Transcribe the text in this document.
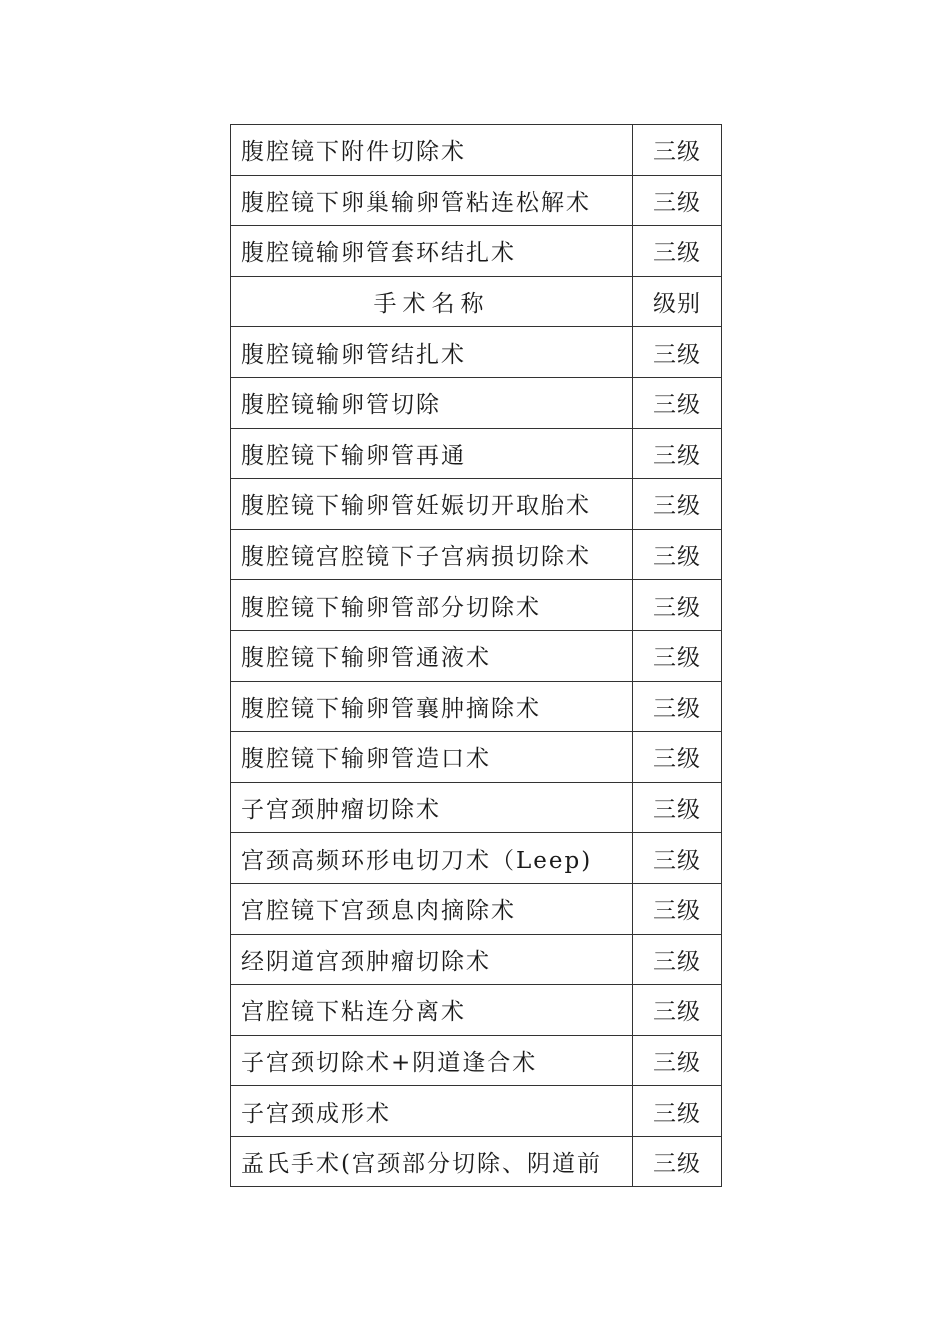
腹腔镜下附件切除术	三级
腹腔镜下卵巢输卵管粘连松解术	三级
腹腔镜输卵管套环结扎术	三级
手术名称	级别
腹腔镜输卵管结扎术	三级
腹腔镜输卵管切除	三级
腹腔镜下输卵管再通	三级
腹腔镜下输卵管妊娠切开取胎术	三级
腹腔镜宫腔镜下子宫病损切除术	三级
腹腔镜下输卵管部分切除术	三级
腹腔镜下输卵管通液术	三级
腹腔镜下输卵管襄肿摘除术	三级
腹腔镜下输卵管造口术	三级
子宫颈肿瘤切除术	三级
宫颈高频环形电切刀术（Leep)	三级
宫腔镜下宫颈息肉摘除术	三级
经阴道宫颈肿瘤切除术	三级
宫腔镜下粘连分离术	三级
子宫颈切除术+阴道逢合术	三级
子宫颈成形术	三级
孟氏手术(宫颈部分切除、阴道前	三级
